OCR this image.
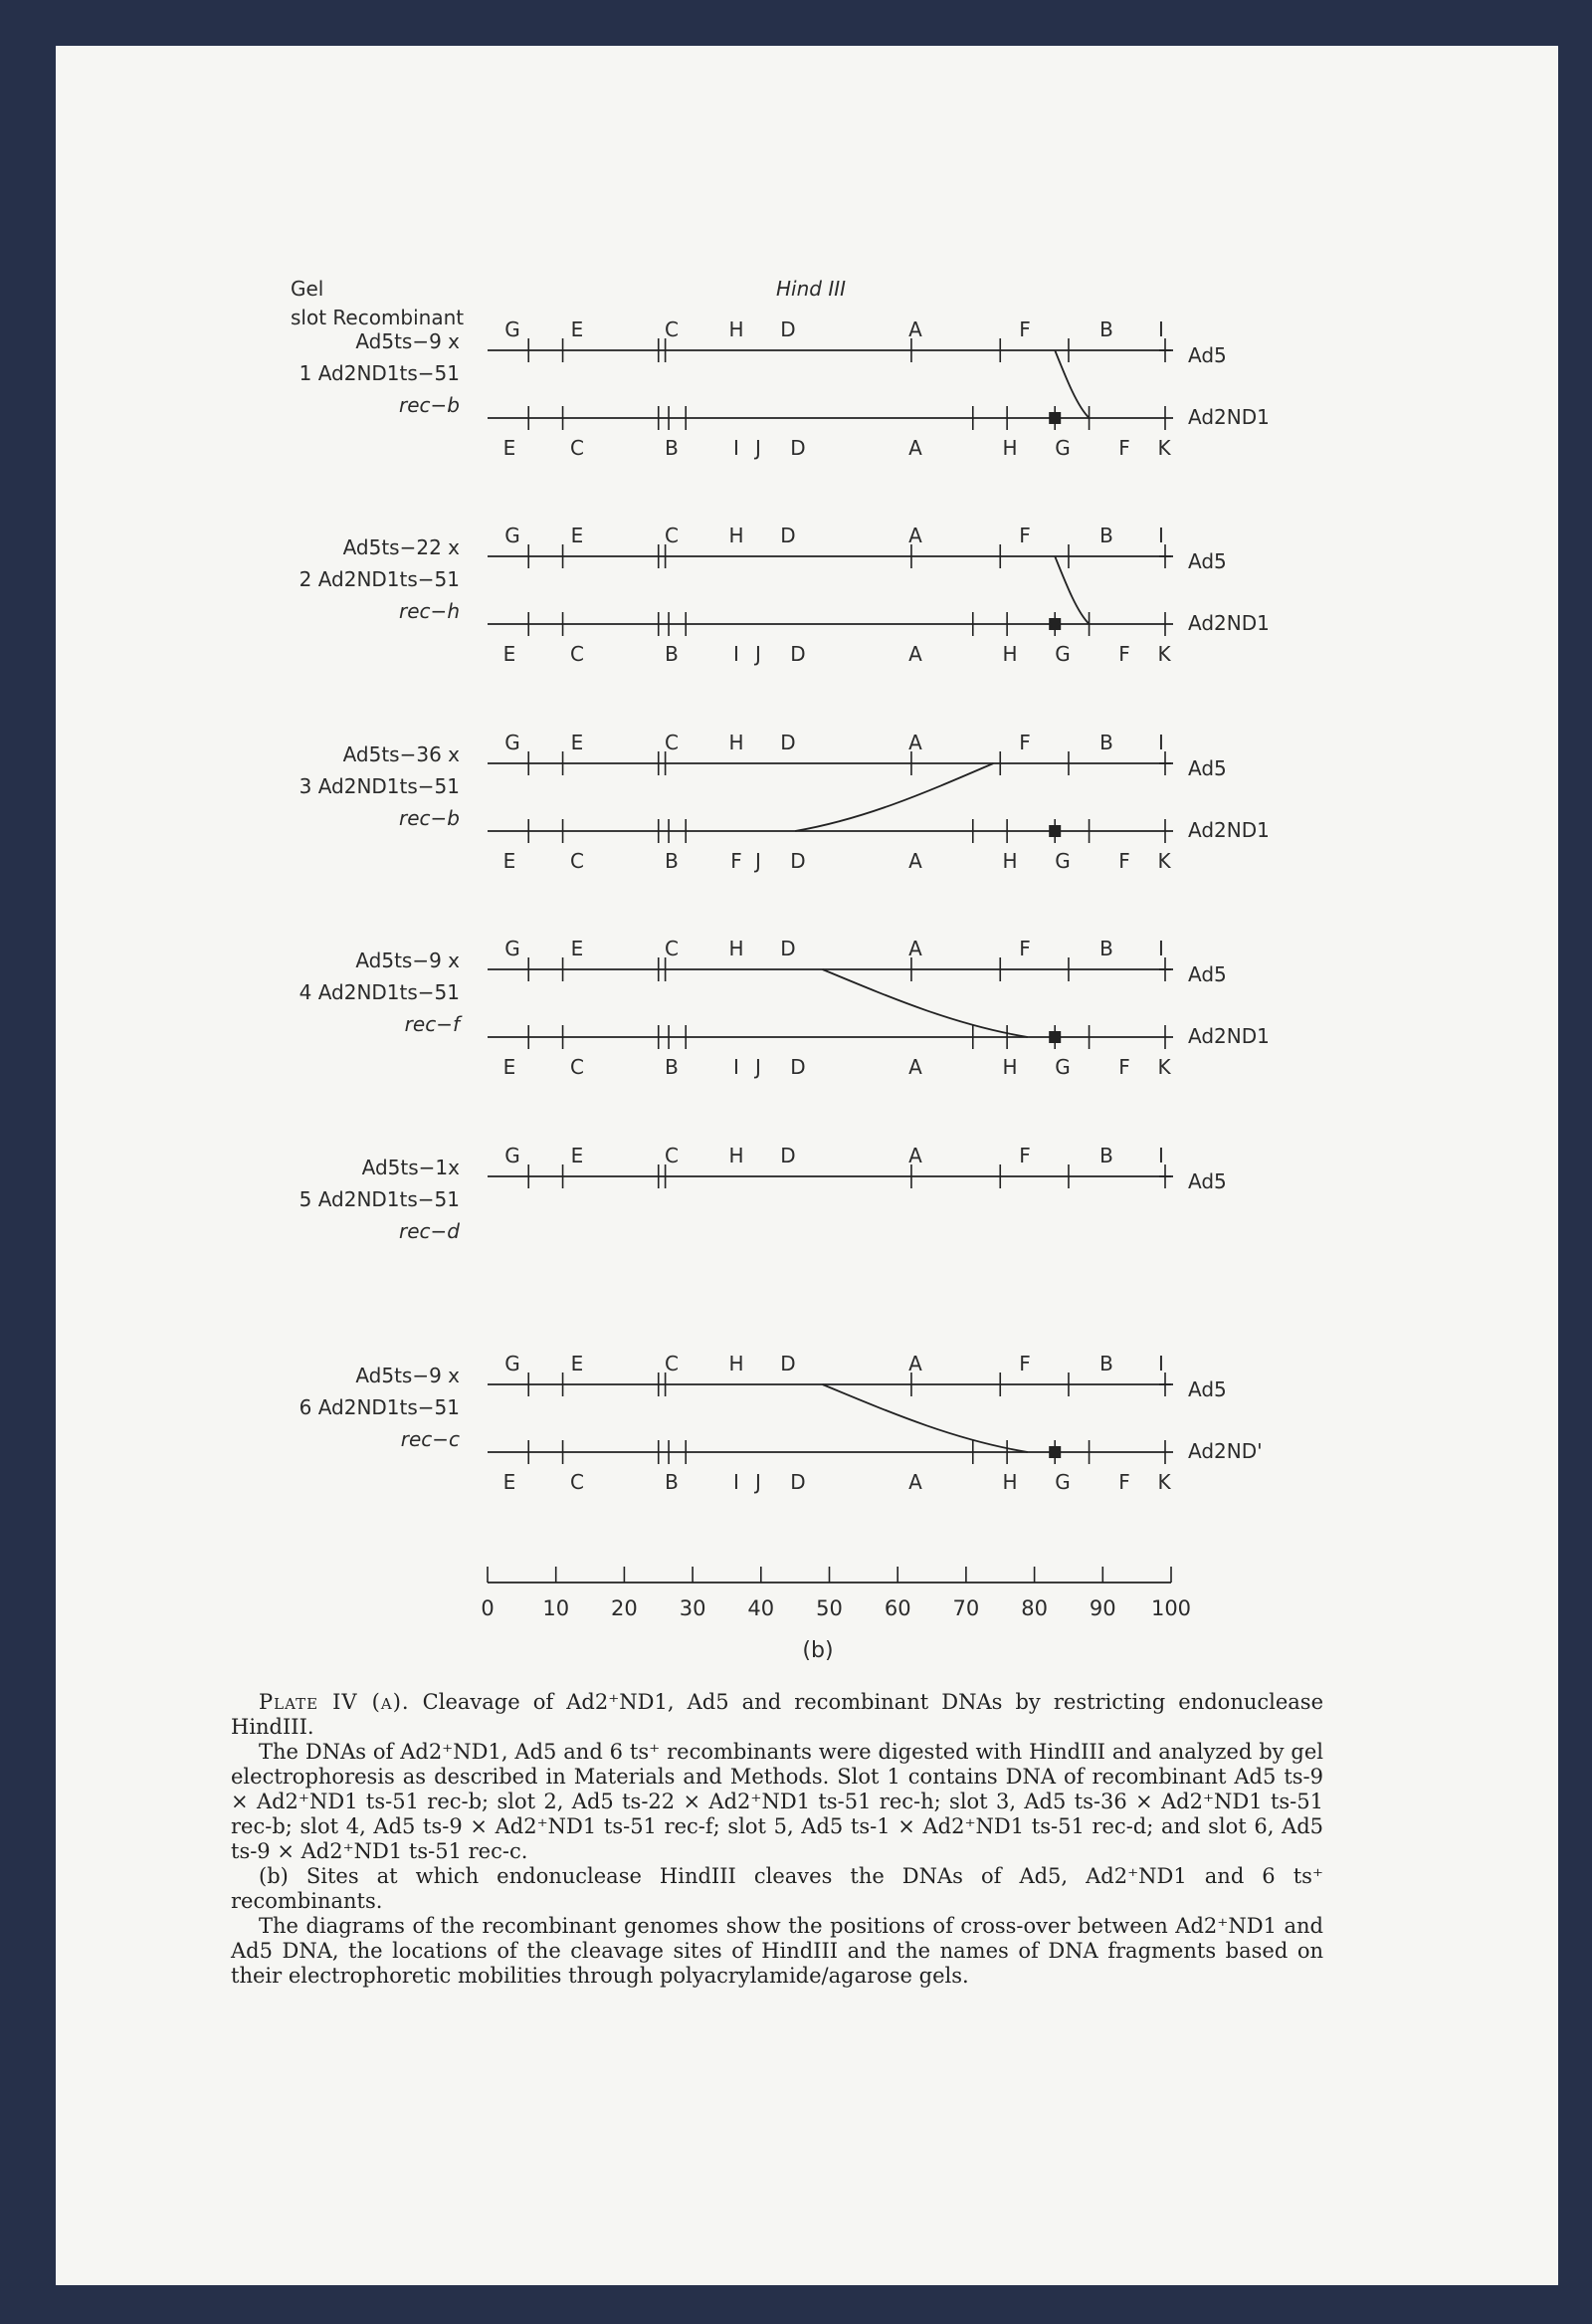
Gel
slot Recombinant
Hind III
Ad5ts−9 x
1 Ad2ND1ts−51
rec−b
G	E	C	H D	A	F	B I
Ad5
E	C	B	I J D	A	H G F K
Ad2ND1
Ad5ts−22 x
2 Ad2ND1ts−51
rec−h
G	E	C	H D	A	F	B I
Ad5
E	C	B	I J D	A	H G F K
Ad2ND1
Ad5ts−36 x
3 Ad2ND1ts−51
rec−b
G	E	C	H D	A	F	B I
Ad5
E	C	B	F J D	A	H G F K
Ad2ND1
Ad5ts−9 x
4 Ad2ND1ts−51
rec−f
G	E	C	H D	A	F	B I
Ad5
E	C	B	I J D	A	H G F K
Ad2ND1
Ad5ts−1x
5 Ad2ND1ts−51
rec−d
G	E	C	H D	A	F	B I
Ad5
Ad5ts−9 x
6 Ad2ND1ts−51
rec−c
G	E	C	H D	A	F	B I
Ad5
E	C	B	I J D	A	H G F K
Ad2ND'
0 10 20 30 40 50 60 70 80 90 100
(b)

Plate IV (a). Cleavage of Ad2⁺ND1, Ad5 and recombinant DNAs by restricting endonuclease HindIII.

The DNAs of Ad2⁺ND1, Ad5 and 6 ts⁺ recombinants were digested with HindIII and analyzed by gel electrophoresis as described in Materials and Methods. Slot 1 contains DNA of recombinant Ad5 ts-9 × Ad2⁺ND1 ts-51 rec-b; slot 2, Ad5 ts-22 × Ad2⁺ND1 ts-51 rec-h; slot 3, Ad5 ts-36 × Ad2⁺ND1 ts-51 rec-b; slot 4, Ad5 ts-9 × Ad2⁺ND1 ts-51 rec-f; slot 5, Ad5 ts-1 × Ad2⁺ND1 ts-51 rec-d; and slot 6, Ad5 ts-9 × Ad2⁺ND1 ts-51 rec-c.

(b) Sites at which endonuclease HindIII cleaves the DNAs of Ad5, Ad2⁺ND1 and 6 ts⁺ recombinants.

The diagrams of the recombinant genomes show the positions of cross-over between Ad2⁺ND1 and Ad5 DNA, the locations of the cleavage sites of HindIII and the names of DNA fragments based on their electrophoretic mobilities through polyacrylamide/agarose gels.
